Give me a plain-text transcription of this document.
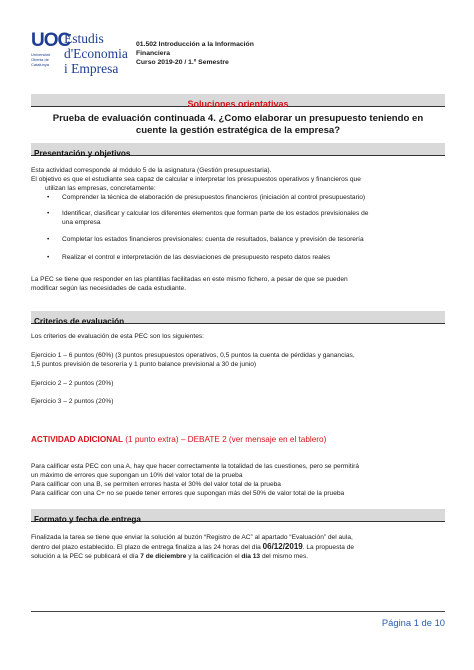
UOC
Universitat Oberta de Catalunya
Estudis
d'Economia
i Empresa
01.502 Introducción a la Información
Financiera
Curso 2019-20 / 1.º Semestre
Soluciones orientativas
Prueba de evaluación continuada 4. ¿Como elaborar un presupuesto teniendo en
cuente la gestión estratégica de la empresa?
Presentación y objetivos
Esta actividad corresponde al módulo 5 de la asignatura (Gestión presupuestaria).
El objetivo es que el estudiante sea capaz de calcular e interpretar los presupuestos operativos y financieros que
utilizan las empresas, concretamente:
• Comprender la técnica de elaboración de presupuestos financieros (iniciación al control presupuestario)
• Identificar, clasificar y calcular los diferentes elementos que forman parte de los estados previsionales de
una empresa
• Completar los estados financieros previsionales: cuenta de resultados, balance y previsión de tesorería
• Realizar el control e interpretación de las desviaciones de presupuesto respeto datos reales
La PEC se tiene que responder en las plantillas facilitadas en este mismo fichero, a pesar de que se pueden
modificar según las necesidades de cada estudiante.
Criterios de evaluación
Los criterios de evaluación de esta PEC son los siguientes:
Ejercicio 1 – 6 puntos (60%) (3 puntos presupuestos operativos, 0,5 puntos la cuenta de pérdidas y ganancias,
1,5 puntos previsión de tesorería y 1 punto balance previsional a 30 de junio)
Ejercicio 2 – 2 puntos (20%)
Ejercicio 3 – 2 puntos (20%)
ACTIVIDAD ADICIONAL (1 punto extra) – DEBATE 2 (ver mensaje en el tablero)
Para calificar esta PEC con una A, hay que hacer correctamente la totalidad de las cuestiones, pero se permitirá
un máximo de errores que supongan un 10% del valor total de la prueba
Para calificar con una B, se permiten errores hasta el 30% del valor total de la prueba
Para calificar con una C+ no se puede tener errores que supongan más del 50% de valor total de la prueba
Formato y fecha de entrega
Finalizada la tarea se tiene que enviar la solución al buzón “Registro de AC” al apartado “Evaluación” del aula,
dentro del plazo establecido. El plazo de entrega finaliza a las 24 horas del día 06/12/2019. La propuesta de
solución a la PEC se publicará el día 7 de diciembre y la calificación el día 13 del mismo mes.
Página 1 de 10
